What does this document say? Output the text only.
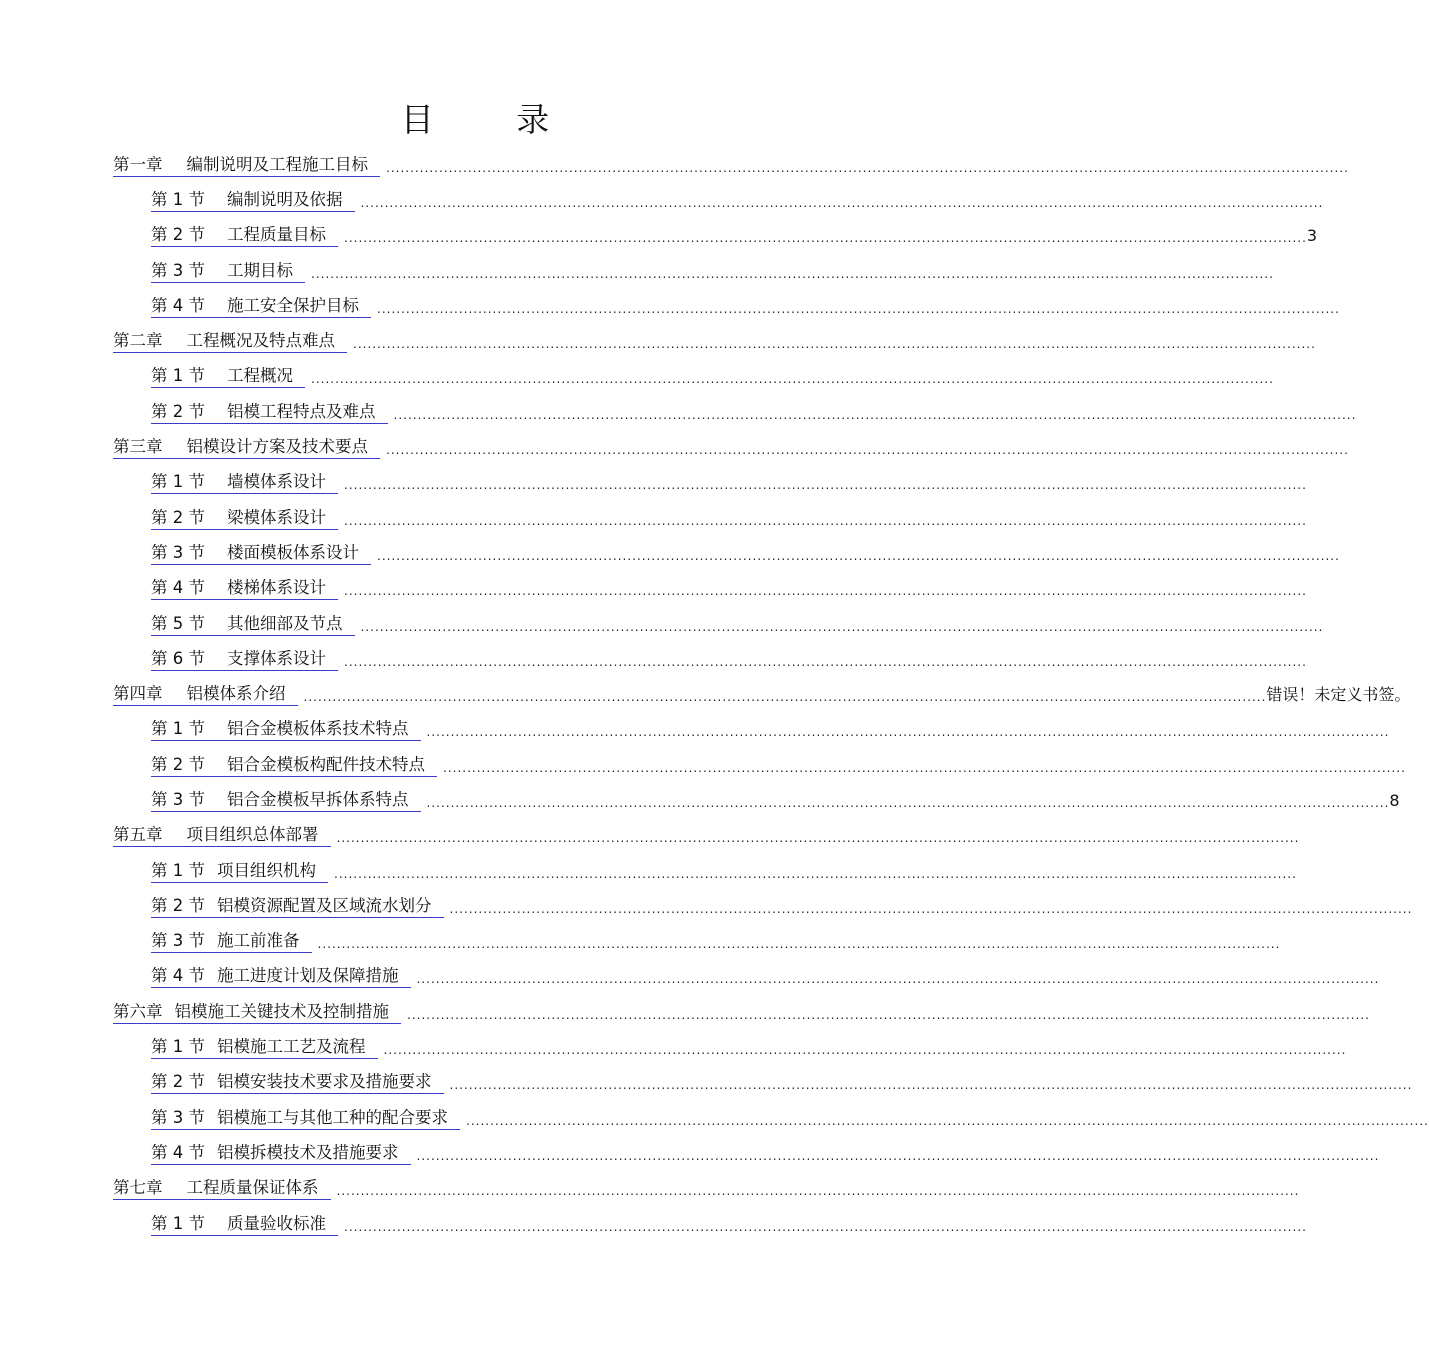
目 录
第一章 编制说明及工程施工目标 ........................................................................................................................................................................................................
第 1 节 编制说明及依据 ........................................................................................................................................................................................................
第 2 节 工程质量目标 ........................................................................................................................................................................................................ 3
第 3 节 工期目标 ........................................................................................................................................................................................................
第 4 节 施工安全保护目标 ........................................................................................................................................................................................................
第二章 工程概况及特点难点 ........................................................................................................................................................................................................
第 1 节 工程概况 ........................................................................................................................................................................................................
第 2 节 铝模工程特点及难点 ........................................................................................................................................................................................................
第三章 铝模设计方案及技术要点 ........................................................................................................................................................................................................
第 1 节 墙模体系设计 ........................................................................................................................................................................................................
第 2 节 梁模体系设计 ........................................................................................................................................................................................................
第 3 节 楼面模板体系设计 ........................................................................................................................................................................................................
第 4 节 楼梯体系设计 ........................................................................................................................................................................................................
第 5 节 其他细部及节点 ........................................................................................................................................................................................................
第 6 节 支撑体系设计 ........................................................................................................................................................................................................
第四章 铝模体系介绍 ........................................................................................................................................................................................................ 错误！未定义书签。
第 1 节 铝合金模板体系技术特点 ........................................................................................................................................................................................................
第 2 节 铝合金模板构配件技术特点 ........................................................................................................................................................................................................
第 3 节 铝合金模板早拆体系特点 ........................................................................................................................................................................................................ 8
第五章 项目组织总体部署 ........................................................................................................................................................................................................
第 1 节 项目组织机构 ........................................................................................................................................................................................................
第 2 节 铝模资源配置及区域流水划分 ........................................................................................................................................................................................................
第 3 节 施工前准备 ........................................................................................................................................................................................................
第 4 节 施工进度计划及保障措施 ........................................................................................................................................................................................................
第六章 铝模施工关键技术及控制措施 ........................................................................................................................................................................................................
第 1 节 铝模施工工艺及流程 ........................................................................................................................................................................................................
第 2 节 铝模安装技术要求及措施要求 ........................................................................................................................................................................................................
第 3 节 铝模施工与其他工种的配合要求 ........................................................................................................................................................................................................
第 4 节 铝模拆模技术及措施要求 ........................................................................................................................................................................................................
第七章 工程质量保证体系 ........................................................................................................................................................................................................
第 1 节 质量验收标准 ........................................................................................................................................................................................................
